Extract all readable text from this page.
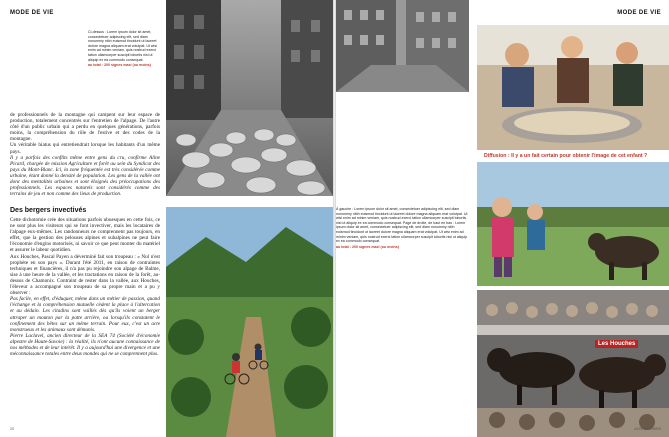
MODE DE VIE
Ci-dessus : Lorem ipsum dolor sit amet, consectetuer adipiscing elit, sed diam nonummy nibh euismod tincidunt ut laoreet dolore magna aliquam erat volutpat. Ut wisi enim ad minim veniam, quis nostrud exerci tation ullamcorper suscipit lobortis nisl ut aliquip ex ea commodo consequat.
au total : 200 signes maxi (ou moins)

de professionnels de la montagne qui campent sur leur espace de production, totalement concentrés sur l'entretien de l'alpage. De l'autre côté d'un public urbain qui a perdu en quelques générations, parfois moins, la compréhension du rôle de l'estive et des codes de la montagne.

Un véritable hiatus qui entretiendrait lorsque les habitants d'un même pays.

Il y a parfois des conflits même entre gens du cru, confirme Aline Picard, chargée de mission Agriculture et forêt au sein du Syndicat des pays du Mont-Blanc. Ici, la zone fréquentée est très considérée comme urbaine, étant donné la densité de population. Les gens de la vallée ont donc des mentalités urbaines et sont éloignés des préoccupations des professionnels. Les espaces naturels sont considérés comme des terrains de jeu et non comme des lieux de production.

Des bergers invectivés

Cette dichotomie crée des situations parfois ubuesques en cette fois, ce ne sont plus les visiteurs qui se font invectiver, mais les locataires de l'alpage eux-mêmes. Les randonneurs ne comprennent pas toujours, en effet, que la gestion des pelouses alpines et subalpines ne peut faire l'économie d'engins motorisés, ni savoir ce que peut monter du matériel et assurer le labeur quotidien.

Aux Houches, Pascal Payen a déverminé fait son troupeau : « Nul n'est prophète en son pays ». Durant l'été 2011, en raison de contraintes techniques et financières, il n'a pas pu rejoindre son alpage de Balme, sise à une heure de la vallée, et les tractations en raison de la forêt, au-dessus de Chamonix. Contraint de rester dans la vallée, aux Houches, l'éleveur a accompagné son troupeau de sa propre main et a pu y observer :

Pas facile, en effet, d'éduquer, même dans un métier de passion, quand l'échange et la compréhension mutuelle cèdent la place à l'altercation et au dédain. Les citadins sont vaillés dès qu'ils voient un berger attraper un mouton par la patte arrière, ou lorsqu'ils constatent le confinement des bêtes sur un même terrain. Pour eux, c'est un acte monstrueux et les animaux sont démunis.

Pierre Laclavel, ancien directeur de la SEA 74 (Société d'économie alpestre de Haute-Savoie) : la réalité, ils n'ont aucune connaissance de nos méthodes et de leur intérêt. Il y a aujourd'hui une divergence et une méconnaissance totales entre deux mondes qui ne se comprennent plus.

20
MODE DE VIE
Diffusion : Il y a un fait certain pour obtenir l'image de cet enfant ?
Les Houches
À gauche : Lorem ipsum dolor sit amet, consectetuer adipiscing elit, sed diam nonummy nibh euismod tincidunt ut laoreet dolore magna aliquam erat volutpat. Ut wisi enim ad minim veniam, quis nostrud exerci tation ullamcorper suscipit lobortis nisl ut aliquip ex ea commodo consequat. Page de droite, de haut en bas : Lorem ipsum dolor sit amet, consectetuer adipiscing elit, sed diam nonummy nibh euismod tincidunt ut laoreet dolore magna aliquam erat volutpat. Ut wisi enim ad minim veniam, quis nostrud exerci tation ullamcorper suscipit lobortis nisl ut aliquip ex ea commodo consequat.
au total : 200 signes maxi (ou moins)
ALPES LOISIRS
